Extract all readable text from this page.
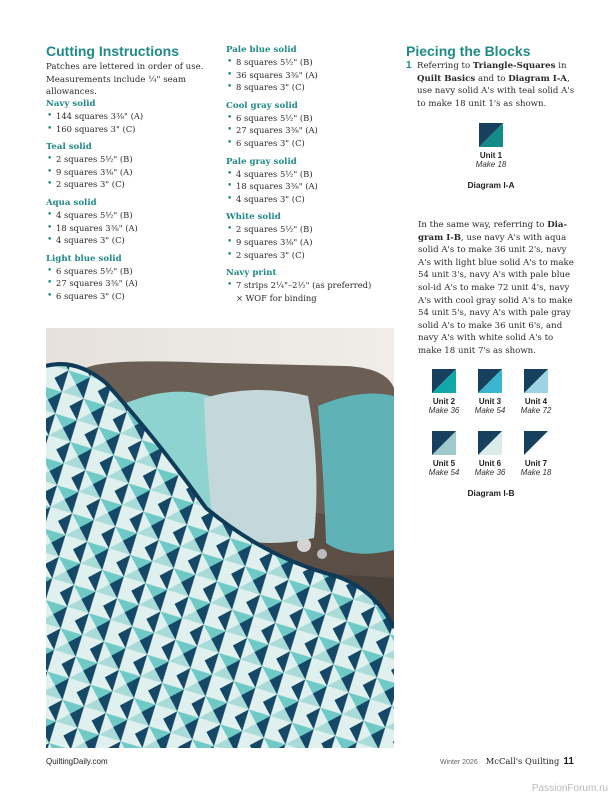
Cutting Instructions

Patches are lettered in order of use. Measurements include ¼" seam allowances.

Navy solid
• 144 squares 3⅜" (A)
• 160 squares 3" (C)
Teal solid
• 2 squares 5½" (B)
• 9 squares 3⅜" (A)
• 2 squares 3" (C)
Aqua solid
• 4 squares 5½" (B)
• 18 squares 3⅜" (A)
• 4 squares 3" (C)
Light blue solid
• 6 squares 5½" (B)
• 27 squares 3⅜" (A)
• 6 squares 3" (C)
Pale blue solid
• 8 squares 5½" (B)
• 36 squares 3⅜" (A)
• 8 squares 3" (C)
Cool gray solid
• 6 squares 5½" (B)
• 27 squares 3⅜" (A)
• 6 squares 3" (C)
Pale gray solid
• 4 squares 5½" (B)
• 18 squares 3⅜" (A)
• 4 squares 3" (C)
White solid
• 2 squares 5½" (B)
• 9 squares 3⅜" (A)
• 2 squares 3" (C)
Navy print
• 7 strips 2¼"–2½" (as preferred)
× WOF for binding
Piecing the Blocks
1 Referring to Triangle-Squares in Quilt Basics and to Diagram I-A, use navy solid A's with teal solid A's to make 18 unit 1's as shown.

Unit 1
Make 18
Diagram I-A

In the same way, referring to Dia-gram I-B, use navy A's with aqua solid A's to make 36 unit 2's, navy A's with light blue solid A's to make 54 unit 3's, navy A's with pale blue sol-id A's to make 72 unit 4's, navy A's with cool gray solid A's to make 54 unit 5's, navy A's with pale gray solid A's to make 36 unit 6's, and navy A's with white solid A's to make 18 unit 7's as shown.

Unit 2
Make 36
Unit 3
Make 54
Unit 4
Make 72
Unit 5
Make 54
Unit 6
Make 36
Unit 7
Make 18
Diagram I-B
QuiltingDaily.com	Winter 2026 McCall's Quilting 11
PassionForum.ru
